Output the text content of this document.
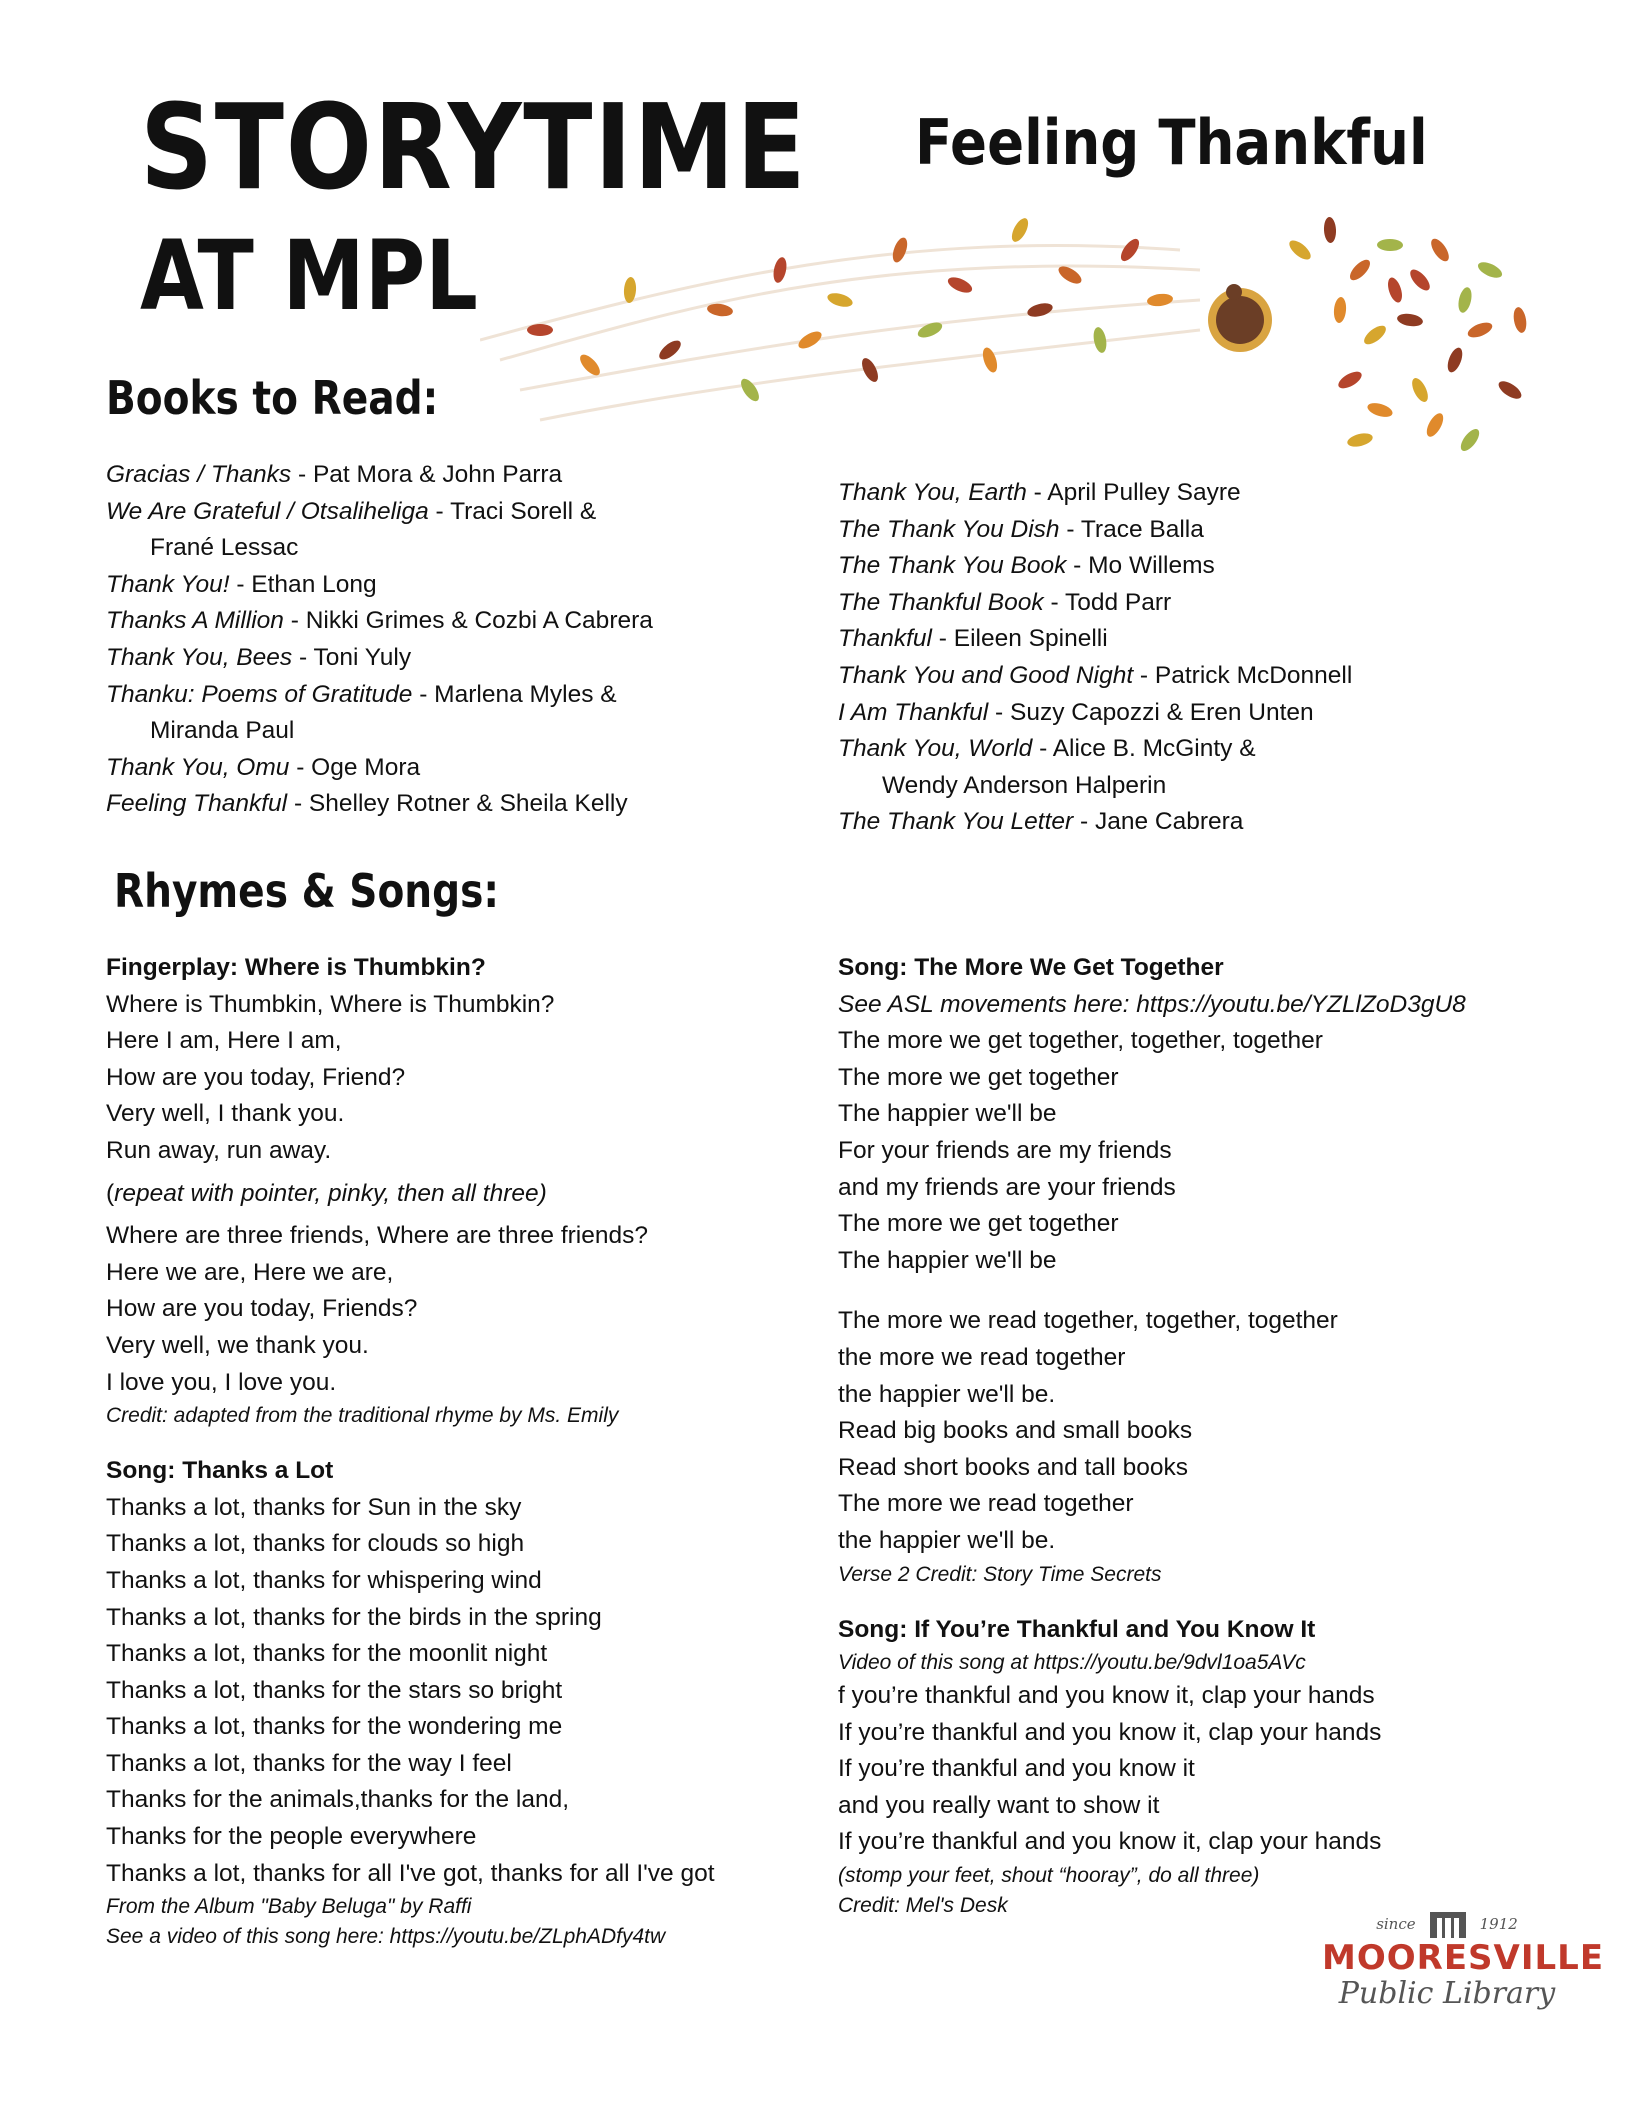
STORYTIME
AT MPL
Feeling Thankful
Books to Read:
Gracias / Thanks - Pat Mora & John Parra
We Are Grateful / Otsaliheliga - Traci Sorell &
Frané Lessac
Thank You! - Ethan Long
Thanks A Million - Nikki Grimes & Cozbi A Cabrera
Thank You, Bees - Toni Yuly
Thanku: Poems of Gratitude - Marlena Myles &
Miranda Paul
Thank You, Omu - Oge Mora
Feeling Thankful - Shelley Rotner & Sheila Kelly
Thank You, Earth - April Pulley Sayre
The Thank You Dish - Trace Balla
The Thank You Book - Mo Willems
The Thankful Book - Todd Parr
Thankful - Eileen Spinelli
Thank You and Good Night - Patrick McDonnell
I Am Thankful - Suzy Capozzi & Eren Unten
Thank You, World - Alice B. McGinty &
Wendy Anderson Halperin
The Thank You Letter - Jane Cabrera
Rhymes & Songs:
Fingerplay: Where is Thumbkin?
Where is Thumbkin, Where is Thumbkin?
Here I am, Here I am,
How are you today, Friend?
Very well, I thank you.
Run away, run away.
(repeat with pointer, pinky, then all three)
Where are three friends, Where are three friends?
Here we are, Here we are,
How are you today, Friends?
Very well, we thank you.
I love you, I love you.
Credit: adapted from the traditional rhyme by Ms. Emily
Song: Thanks a Lot
Thanks a lot, thanks for Sun in the sky
Thanks a lot, thanks for clouds so high
Thanks a lot, thanks for whispering wind
Thanks a lot, thanks for the birds in the spring
Thanks a lot, thanks for the moonlit night
Thanks a lot, thanks for the stars so bright
Thanks a lot, thanks for the wondering me
Thanks a lot, thanks for the way I feel
Thanks for the animals,thanks for the land,
Thanks for the people everywhere
Thanks a lot, thanks for all I've got, thanks for all I've got
From the Album "Baby Beluga" by Raffi
See a video of this song here: https://youtu.be/ZLphADfy4tw
Song: The More We Get Together
See ASL movements here: https://youtu.be/YZLlZoD3gU8
The more we get together, together, together
The more we get together
The happier we'll be
For your friends are my friends
and my friends are your friends
The more we get together
The happier we'll be
The more we read together, together, together
the more we read together
the happier we'll be.
Read big books and small books
Read short books and tall books
The more we read together
the happier we'll be.
Verse 2 Credit: Story Time Secrets
Song: If You’re Thankful and You Know It
Video of this song at https://youtu.be/9dvl1oa5AVc
f you’re thankful and you know it, clap your hands
If you’re thankful and you know it, clap your hands
If you’re thankful and you know it
and you really want to show it
If you’re thankful and you know it, clap your hands
(stomp your feet, shout “hooray”, do all three)
Credit: Mel's Desk
since	1912
MOORESVILLE
Public Library
